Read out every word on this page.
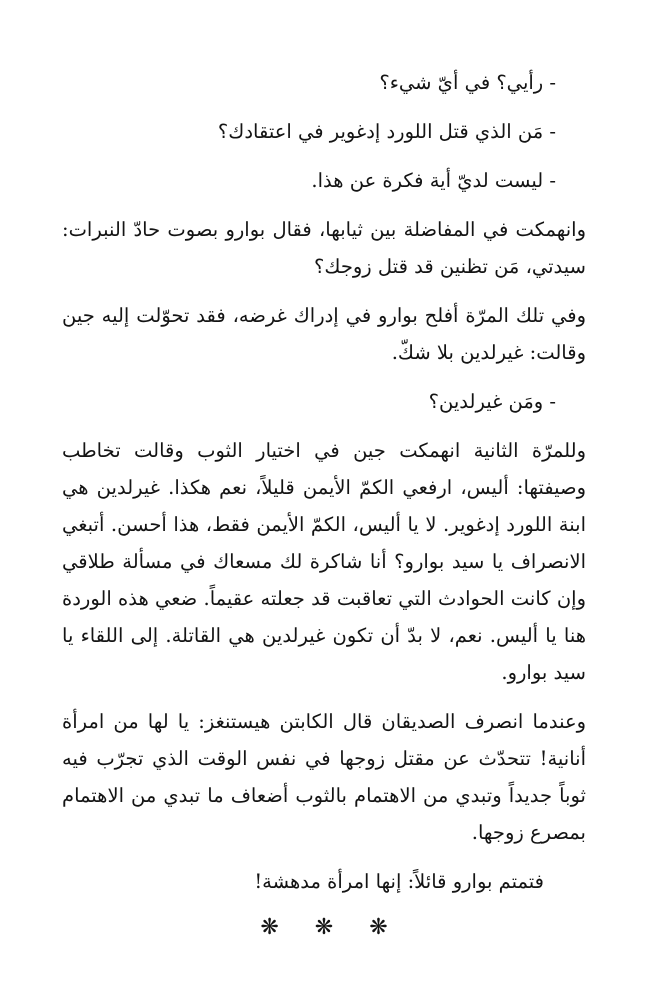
- رأيي؟ في أيّ شيء؟
- مَن الذي قتل اللورد إدغوير في اعتقادك؟
- ليست لديّ أية فكرة عن هذا.

وانهمكت في المفاضلة بين ثيابها، فقال بوارو بصوت حادّ النبرات: سيدتي، مَن تظنين قد قتل زوجك؟

وفي تلك المرّة أفلح بوارو في إدراك غرضه، فقد تحوّلت إليه جين وقالت: غيرلدين بلا شكّ.

- ومَن غيرلدين؟

وللمرّة الثانية انهمكت جين في اختيار الثوب وقالت تخاطب وصيفتها: أليس، ارفعي الكمّ الأيمن قليلاً، نعم هكذا. غيرلدين هي ابنة اللورد إدغوير. لا يا أليس، الكمّ الأيمن فقط، هذا أحسن. أتبغي الانصراف يا سيد بوارو؟ أنا شاكرة لك مسعاك في مسألة طلاقي وإن كانت الحوادث التي تعاقبت قد جعلته عقيماً. ضعي هذه الوردة هنا يا أليس. نعم، لا بدّ أن تكون غيرلدين هي القاتلة. إلى اللقاء يا سيد بوارو.

وعندما انصرف الصديقان قال الكابتن هيستنغز: يا لها من امرأة أنانية! تتحدّث عن مقتل زوجها في نفس الوقت الذي تجرّب فيه ثوباً جديداً وتبدي من الاهتمام بالثوب أضعاف ما تبدي من الاهتمام بمصرع زوجها.

فتمتم بوارو قائلاً: إنها امرأة مدهشة!
❋ ❋ ❋
